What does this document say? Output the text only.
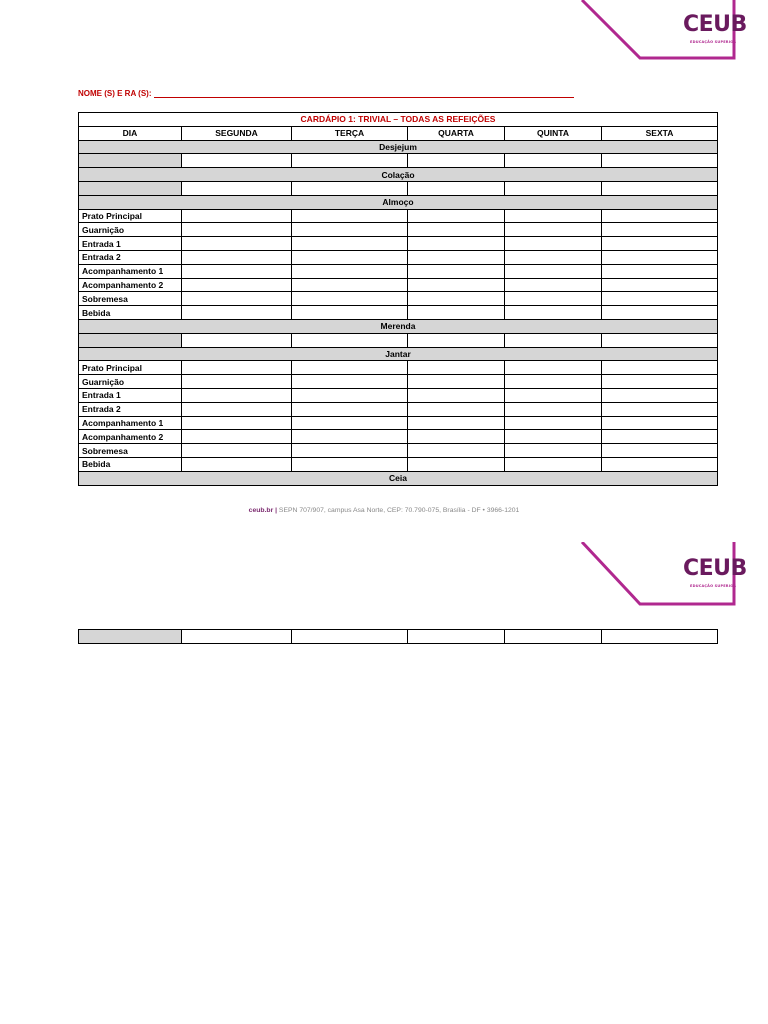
CEUB
EDUCAÇÃO SUPERIOR
NOME (S) E RA (S):
CARDÁPIO 1: TRIVIAL – TODAS AS REFEIÇÕES					
DIA	SEGUNDA	TERÇA	QUARTA	QUINTA	SEXTA
Desjejum					

Colação					

Almoço					
Prato Principal					
Guarnição					
Entrada 1					
Entrada 2					
Acompanhamento 1					
Acompanhamento 2					
Sobremesa					
Bebida					
Merenda					

Jantar					
Prato Principal					
Guarnição					
Entrada 1					
Entrada 2					
Acompanhamento 1					
Acompanhamento 2					
Sobremesa					
Bebida					
Ceia					
ceub.br | SEPN 707/907, campus Asa Norte, CEP: 70.790-075, Brasília - DF • 3966-1201
CEUB
EDUCAÇÃO SUPERIOR
